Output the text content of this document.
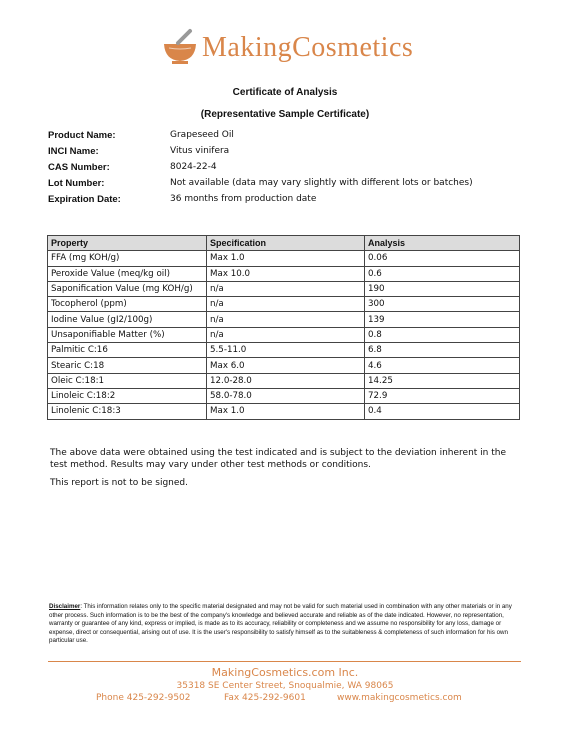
MakingCosmetics
Certificate of Analysis
(Representative Sample Certificate)
Product Name:	Grapeseed Oil
INCI Name:	Vitus vinifera
CAS Number:	8024-22-4
Lot Number:	Not available (data may vary slightly with different lots or batches)
Expiration Date:	36 months from production date
Property	Specification	Analysis
FFA (mg KOH/g)	Max 1.0	0.06
Peroxide Value (meq/kg oil)	Max 10.0	0.6
Saponification Value (mg KOH/g)	n/a	190
Tocopherol (ppm)	n/a	300
Iodine Value (gI2/100g)	n/a	139
Unsaponifiable Matter (%)	n/a	0.8
Palmitic C:16	5.5-11.0	6.8
Stearic C:18	Max 6.0	4.6
Oleic C:18:1	12.0-28.0	14.25
Linoleic C:18:2	58.0-78.0	72.9
Linolenic C:18:3	Max 1.0	0.4
The above data were obtained using the test indicated and is subject to the deviation inherent in the test method. Results may vary under other test methods or conditions.
This report is not to be signed.
Disclaimer: This information relates only to the specific material designated and may not be valid for such material used in combination with any other materials or in any other process. Such information is to be the best of the company's knowledge and believed accurate and reliable as of the date indicated. However, no representation, warranty or guarantee of any kind, express or implied, is made as to its accuracy, reliability or completeness and we assume no responsibility for any loss, damage or expense, direct or consequential, arising out of use. It is the user's responsibility to satisfy himself as to the suitableness & completeness of such information for his own particular use.
MakingCosmetics.com Inc.
35318 SE Center Street, Snoqualmie, WA 98065
Phone 425-292-9502	Fax 425-292-9601	www.makingcosmetics.com
